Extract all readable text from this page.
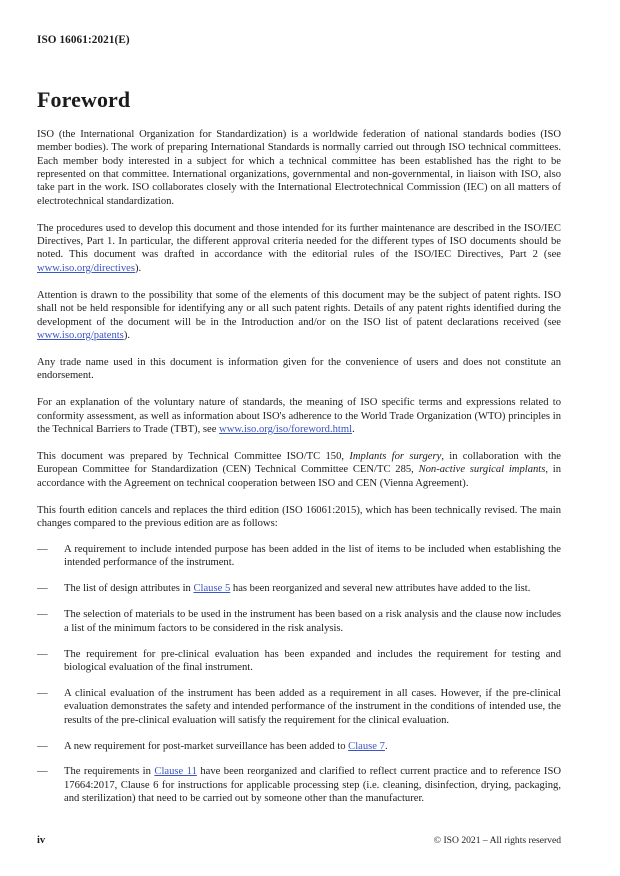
ISO 16061:2021(E)
Foreword

ISO (the International Organization for Standardization) is a worldwide federation of national standards bodies (ISO member bodies). The work of preparing International Standards is normally carried out through ISO technical committees. Each member body interested in a subject for which a technical committee has been established has the right to be represented on that committee. International organizations, governmental and non-governmental, in liaison with ISO, also take part in the work. ISO collaborates closely with the International Electrotechnical Commission (IEC) on all matters of electrotechnical standardization.

The procedures used to develop this document and those intended for its further maintenance are described in the ISO/IEC Directives, Part 1. In particular, the different approval criteria needed for the different types of ISO documents should be noted. This document was drafted in accordance with the editorial rules of the ISO/IEC Directives, Part 2 (see www.iso.org/directives).

Attention is drawn to the possibility that some of the elements of this document may be the subject of patent rights. ISO shall not be held responsible for identifying any or all such patent rights. Details of any patent rights identified during the development of the document will be in the Introduction and/or on the ISO list of patent declarations received (see www.iso.org/patents).

Any trade name used in this document is information given for the convenience of users and does not constitute an endorsement.

For an explanation of the voluntary nature of standards, the meaning of ISO specific terms and expressions related to conformity assessment, as well as information about ISO's adherence to the World Trade Organization (WTO) principles in the Technical Barriers to Trade (TBT), see www.iso.org/iso/foreword.html.

This document was prepared by Technical Committee ISO/TC 150, Implants for surgery, in collaboration with the European Committee for Standardization (CEN) Technical Committee CEN/TC 285, Non-active surgical implants, in accordance with the Agreement on technical cooperation between ISO and CEN (Vienna Agreement).

This fourth edition cancels and replaces the third edition (ISO 16061:2015), which has been technically revised. The main changes compared to the previous edition are as follows:

— A requirement to include intended purpose has been added in the list of items to be included when establishing the intended performance of the instrument.
— The list of design attributes in Clause 5 has been reorganized and several new attributes have added to the list.
— The selection of materials to be used in the instrument has been based on a risk analysis and the clause now includes a list of the minimum factors to be considered in the risk analysis.
— The requirement for pre-clinical evaluation has been expanded and includes the requirement for testing and biological evaluation of the final instrument.
— A clinical evaluation of the instrument has been added as a requirement in all cases. However, if the pre-clinical evaluation demonstrates the safety and intended performance of the instrument in the conditions of intended use, the results of the pre-clinical evaluation will satisfy the requirement for the clinical evaluation.
— A new requirement for post-market surveillance has been added to Clause 7.
— The requirements in Clause 11 have been reorganized and clarified to reflect current practice and to reference ISO 17664:2017, Clause 6 for instructions for applicable processing step (i.e. cleaning, disinfection, drying, packaging, and sterilization) that need to be carried out by someone other than the manufacturer.
iv	© ISO 2021 – All rights reserved
